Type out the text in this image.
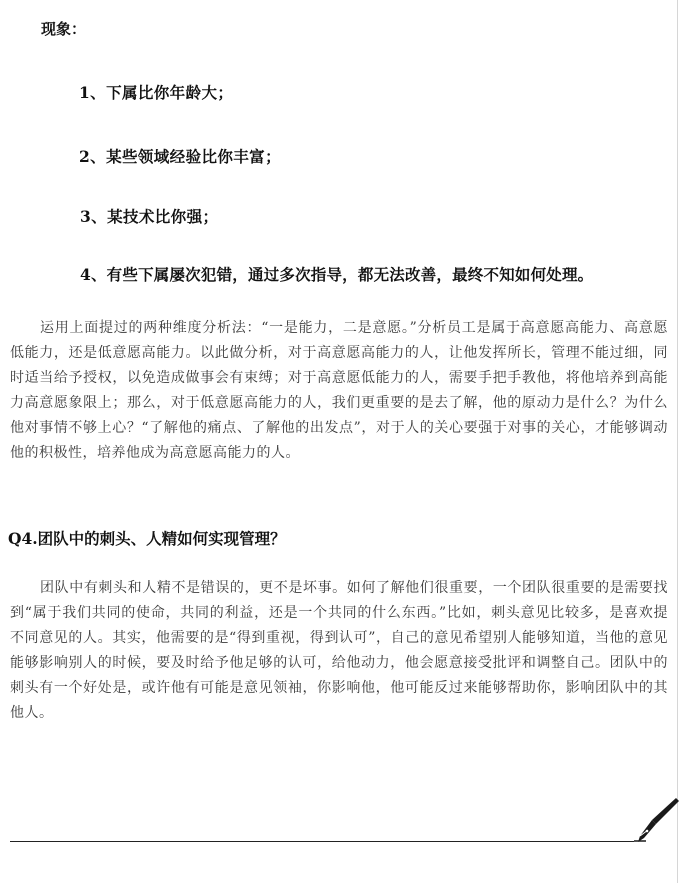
现象：
1、下属比你年龄大；
2、某些领域经验比你丰富；
3、某技术比你强；
4、有些下属屡次犯错，通过多次指导，都无法改善，最终不知如何处理。
运用上面提过的两种维度分析法：“一是能力，二是意愿。”分析员工是属于高意愿高能力、高意愿低能力，还是低意愿高能力。以此做分析，对于高意愿高能力的人，让他发挥所长，管理不能过细，同时适当给予授权，以免造成做事会有束缚；对于高意愿低能力的人，需要手把手教他，将他培养到高能力高意愿象限上；那么，对于低意愿高能力的人，我们更重要的是去了解，他的原动力是什么？为什么他对事情不够上心？“了解他的痛点、了解他的出发点”，对于人的关心要强于对事的关心，才能够调动他的积极性，培养他成为高意愿高能力的人。
Q4.团队中的刺头、人精如何实现管理？
团队中有刺头和人精不是错误的，更不是坏事。如何了解他们很重要，一个团队很重要的是需要找到“属于我们共同的使命，共同的利益，还是一个共同的什么东西。”比如，刺头意见比较多，是喜欢提不同意见的人。其实，他需要的是“得到重视，得到认可”，自己的意见希望别人能够知道，当他的意见能够影响别人的时候，要及时给予他足够的认可，给他动力，他会愿意接受批评和调整自己。团队中的刺头有一个好处是，或许他有可能是意见领袖，你影响他，他可能反过来能够帮助你，影响团队中的其他人。
